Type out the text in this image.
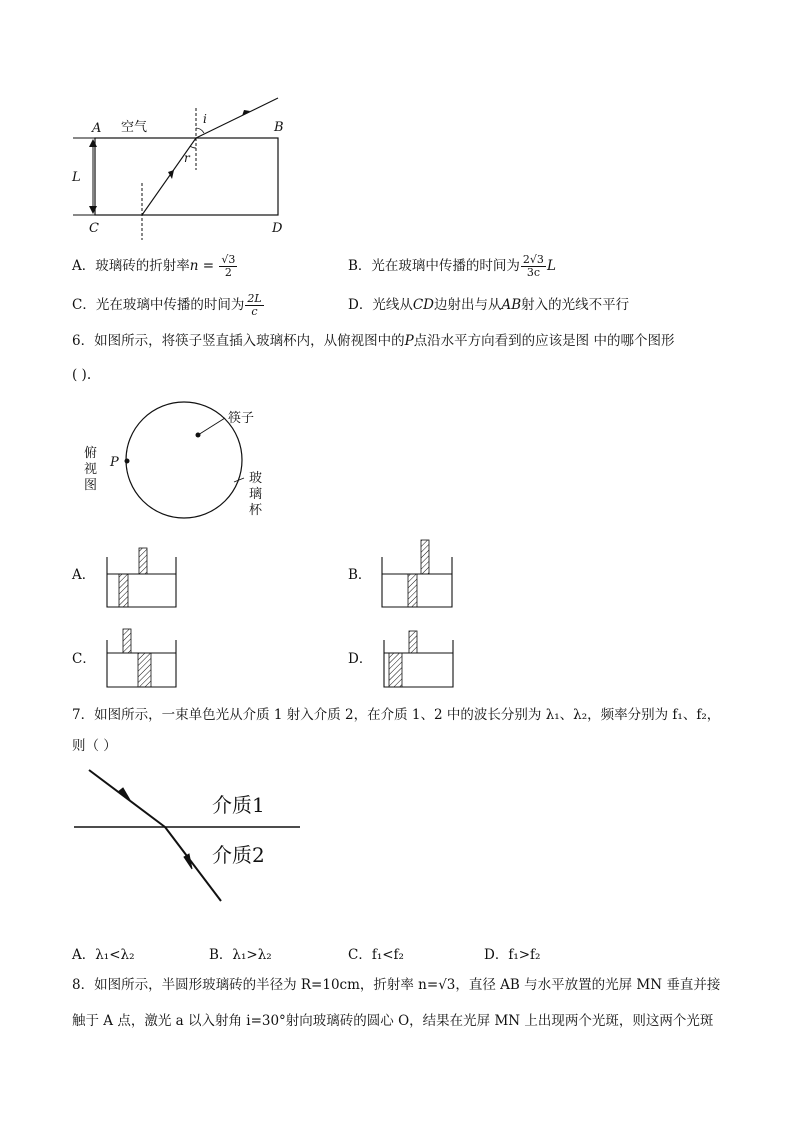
A	B
C	D
L
空气
i
r
A．玻璃砖的折射率$n = \frac{√3}{2}$	B．光在玻璃中传播的时间为 $\frac{2√3}{3c}$ L
C．光在玻璃中传播的时间为 $\frac{2L}{c}$	D．光线从CD边射出与从AB射入的光线不平行
6．如图所示，将筷子竖直插入玻璃杯内，从俯视图中的P点沿水平方向看到的应该是图 中的哪个图形
( ).
筷子
P
俯
视
图	玻
璃
杯
A．	B．
C．	D．
7．如图所示，一束单色光从介质 1 射入介质 2，在介质 1、2 中的波长分别为 λ₁、λ₂，频率分别为 f₁、f₂，
则（ ）
介质1
介质2
A．λ₁<λ₂	B．λ₁>λ₂	C．f₁<f₂	D．f₁>f₂
8．如图所示，半圆形玻璃砖的半径为 R=10cm，折射率 n=√3，直径 AB 与水平放置的光屏 MN 垂直并接
触于 A 点，激光 a 以入射角 i=30°射向玻璃砖的圆心 O，结果在光屏 MN 上出现两个光斑，则这两个光斑
